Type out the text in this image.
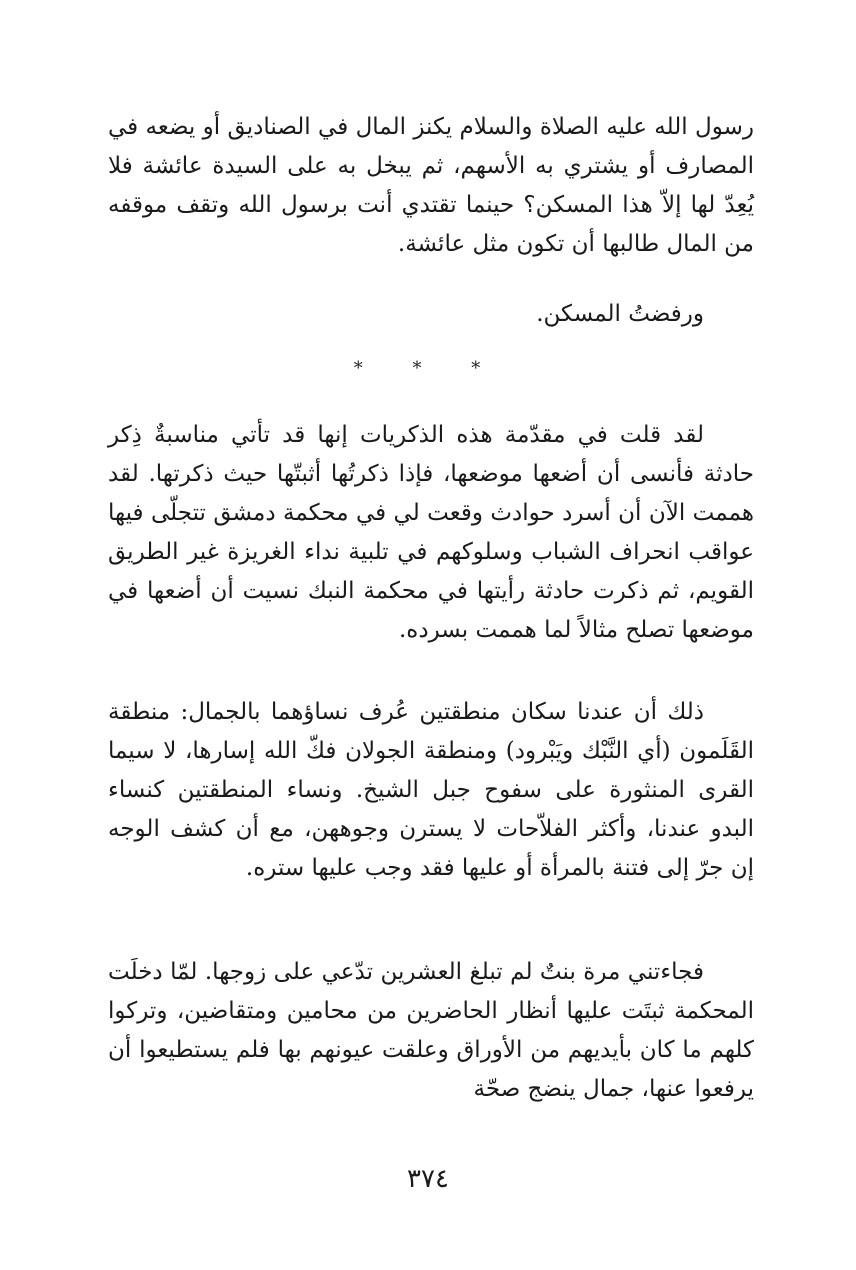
رسول الله عليه الصلاة والسلام يكنز المال في الصناديق أو يضعه في المصارف أو يشتري به الأسهم، ثم يبخل به على السيدة عائشة فلا يُعِدّ لها إلاّ هذا المسكن؟ حينما تقتدي أنت برسول الله وتقف موقفه من المال طالبها أن تكون مثل عائشة.

ورفضتُ المسكن.

* * *

لقد قلت في مقدّمة هذه الذكريات إنها قد تأتي مناسبةٌ ذِكر حادثة فأنسى أن أضعها موضعها، فإذا ذكرتُها أثبتّها حيث ذكرتها. لقد هممت الآن أن أسرد حوادث وقعت لي في محكمة دمشق تتجلّى فيها عواقب انحراف الشباب وسلوكهم في تلبية نداء الغريزة غير الطريق القويم، ثم ذكرت حادثة رأيتها في محكمة النبك نسيت أن أضعها في موضعها تصلح مثالاً لما هممت بسرده.

ذلك أن عندنا سكان منطقتين عُرف نساؤهما بالجمال: منطقة القَلَمون (أي النَّبْك ويَبْرود) ومنطقة الجولان فكّ الله إسارها، لا سيما القرى المنثورة على سفوح جبل الشيخ. ونساء المنطقتين كنساء البدو عندنا، وأكثر الفلاّحات لا يسترن وجوههن، مع أن كشف الوجه إن جرّ إلى فتنة بالمرأة أو عليها فقد وجب عليها ستره.

فجاءتني مرة بنتٌ لم تبلغ العشرين تدّعي على زوجها. لمّا دخلَت المحكمة ثبتَت عليها أنظار الحاضرين من محامين ومتقاضين، وتركوا كلهم ما كان بأيديهم من الأوراق وعلقت عيونهم بها فلم يستطيعوا أن يرفعوا عنها، جمال ينضج صحّة

٣٧٤
